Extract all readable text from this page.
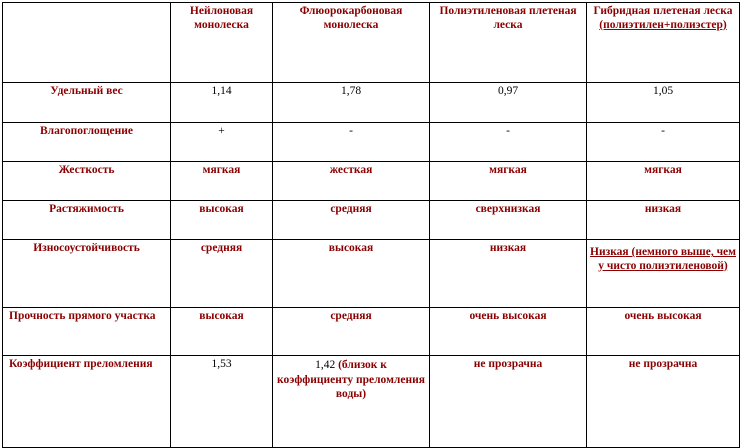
	Нейлоновая монолеска	Флюорокарбоновая монолеска	Полиэтиленовая плетеная леска	Гибридная плетеная леска
(полиэтилен+полиэстер)
Удельный вес	1,14	1,78	0,97	1,05
Влагопоглощение	+	-	-	-
Жесткость	мягкая	жесткая	мягкая	мягкая
Растяжимость	высокая	средняя	сверхнизкая	низкая
Износоустойчивость	средняя	высокая	низкая	Низкая (немного выше, чем у чисто полиэтиленовой)
Прочность прямого участка	высокая	средняя	очень высокая	очень высокая
Коэффициент преломления	1,53	1,42 (близок к коэффициенту преломления воды)	не прозрачна	не прозрачна
